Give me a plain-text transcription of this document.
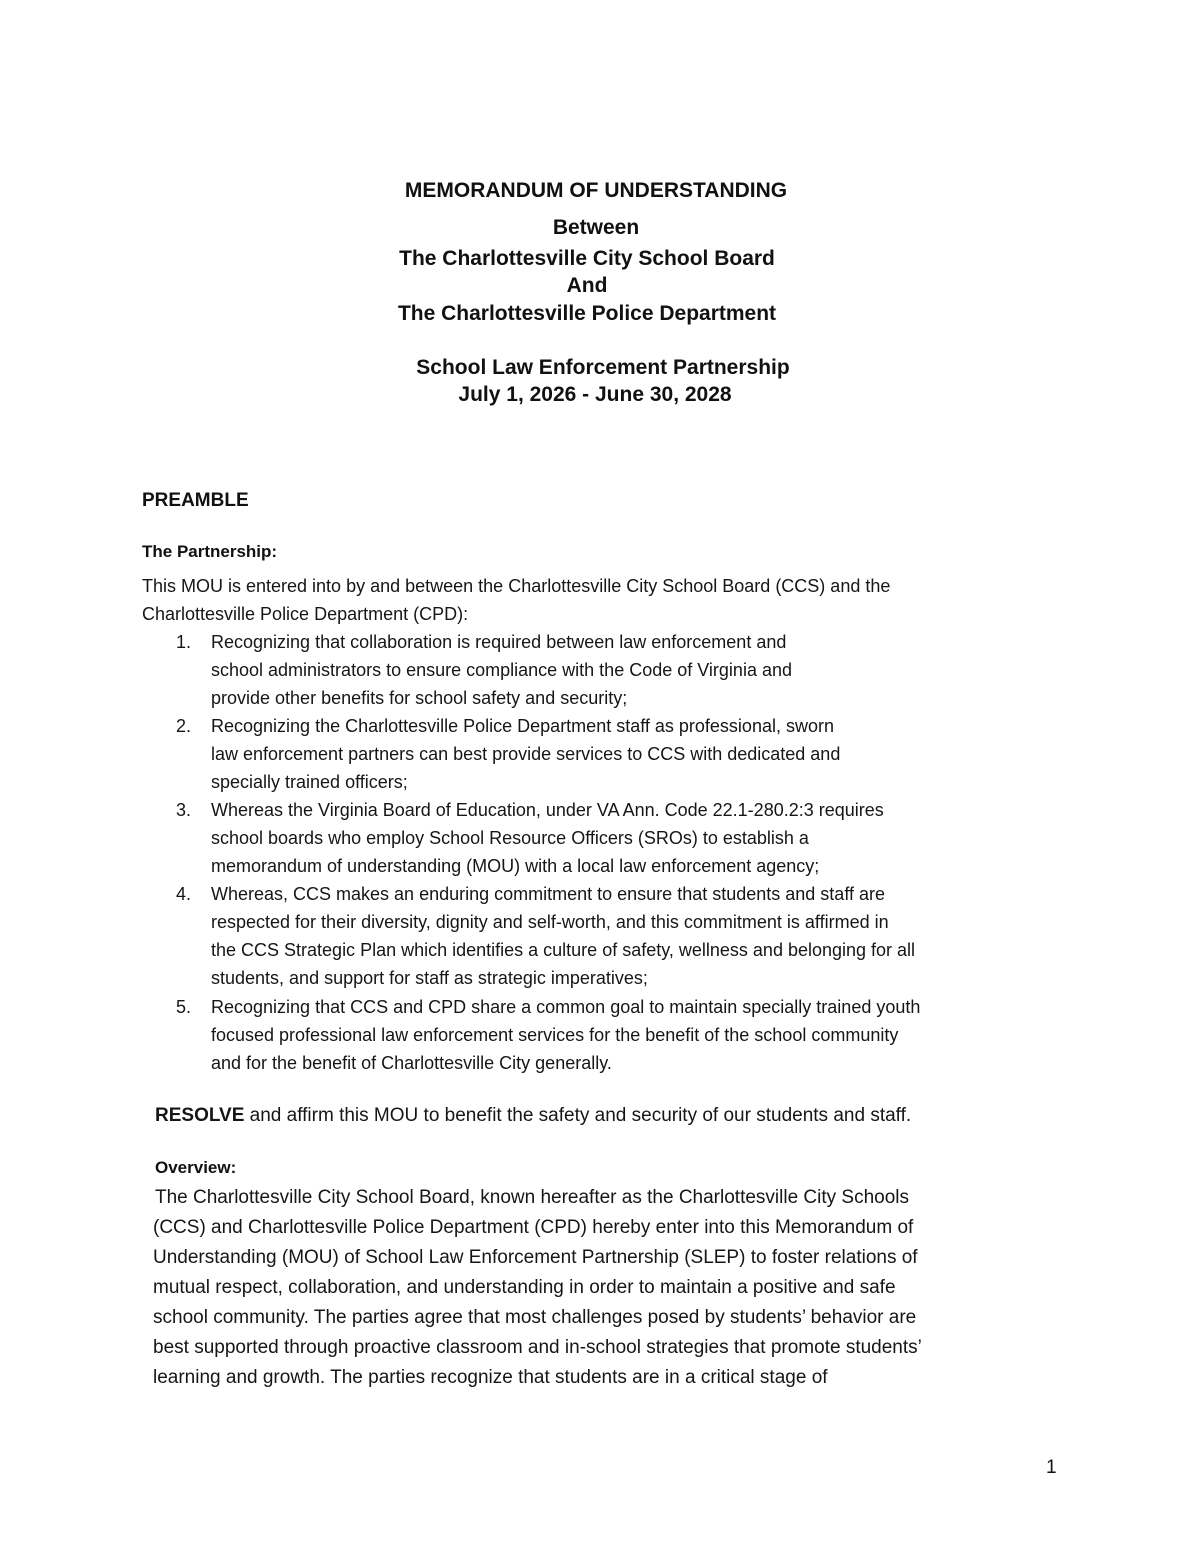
MEMORANDUM OF UNDERSTANDING
Between
The Charlottesville City School Board
And
The Charlottesville Police Department
School Law Enforcement Partnership
July 1, 2026 - June 30, 2028
PREAMBLE
The Partnership:
This MOU is entered into by and between the Charlottesville City School Board (CCS) and the
Charlottesville Police Department (CPD):
1. Recognizing that collaboration is required between law enforcement and
school administrators to ensure compliance with the Code of Virginia and
provide other benefits for school safety and security;
2. Recognizing the Charlottesville Police Department staff as professional, sworn
law enforcement partners can best provide services to CCS with dedicated and
specially trained officers;
3. Whereas the Virginia Board of Education, under VA Ann. Code 22.1-280.2:3 requires
school boards who employ School Resource Officers (SROs) to establish a
memorandum of understanding (MOU) with a local law enforcement agency;
4. Whereas, CCS makes an enduring commitment to ensure that students and staff are
respected for their diversity, dignity and self-worth, and this commitment is affirmed in
the CCS Strategic Plan which identifies a culture of safety, wellness and belonging for all
students, and support for staff as strategic imperatives;
5. Recognizing that CCS and CPD share a common goal to maintain specially trained youth
focused professional law enforcement services for the benefit of the school community
and for the benefit of Charlottesville City generally.
RESOLVE and affirm this MOU to benefit the safety and security of our students and staff.
Overview:
The Charlottesville City School Board, known hereafter as the Charlottesville City Schools
(CCS) and Charlottesville Police Department (CPD) hereby enter into this Memorandum of
Understanding (MOU) of School Law Enforcement Partnership (SLEP) to foster relations of
mutual respect, collaboration, and understanding in order to maintain a positive and safe
school community. The parties agree that most challenges posed by students’ behavior are
best supported through proactive classroom and in-school strategies that promote students’
learning and growth. The parties recognize that students are in a critical stage of
1
